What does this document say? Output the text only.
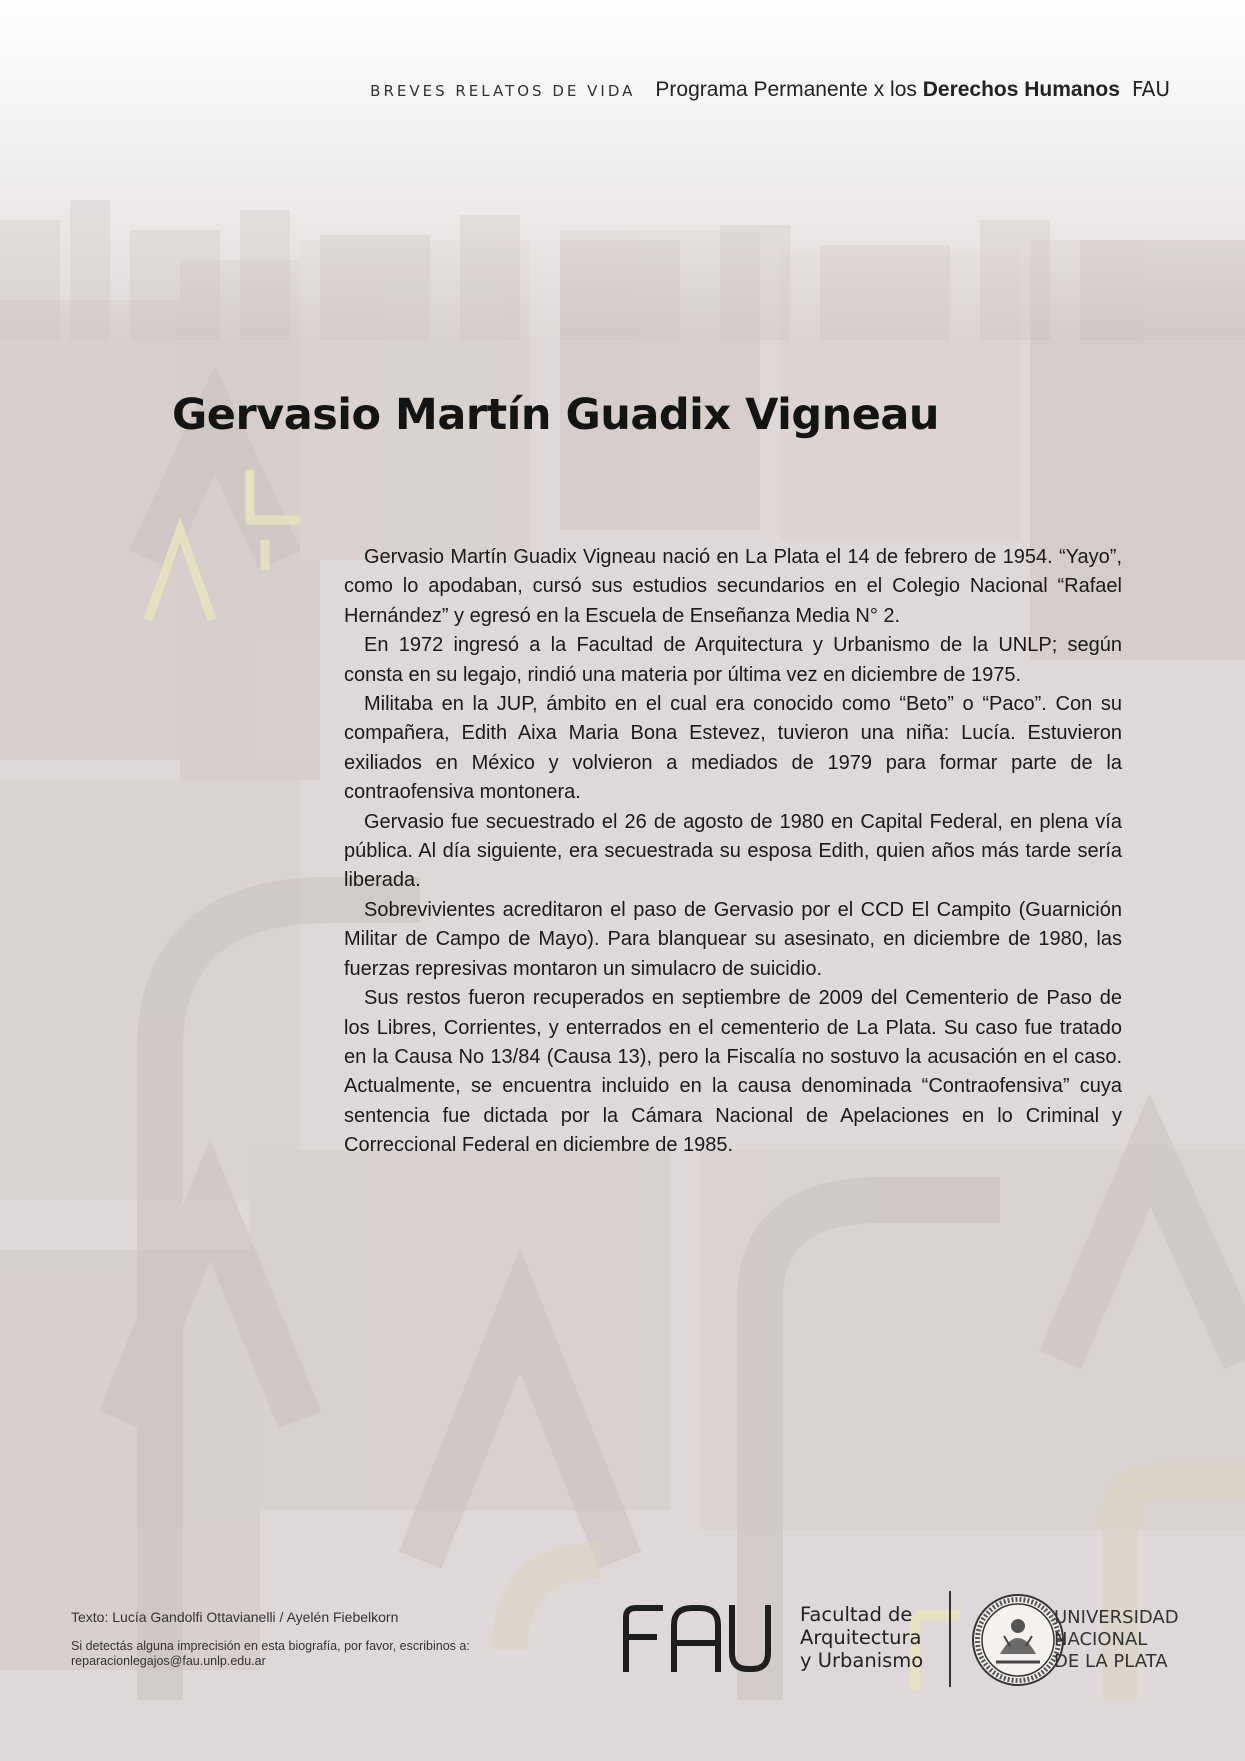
BREVES RELATOS DE VIDA Programa Permanente x los Derechos Humanos FAU
Gervasio Martín Guadix Vigneau

Gervasio Martín Guadix Vigneau nació en La Plata el 14 de febrero de 1954. “Yayo”, como lo apodaban, cursó sus estudios secundarios en el Colegio Nacional “Rafael Hernández” y egresó en la Escuela de Enseñanza Media N° 2.

En 1972 ingresó a la Facultad de Arquitectura y Urbanismo de la UNLP; según consta en su legajo, rindió una materia por última vez en diciembre de 1975.

Militaba en la JUP, ámbito en el cual era conocido como “Beto” o “Paco”. Con su compañera, Edith Aixa Maria Bona Estevez, tuvieron una niña: Lucía. Estuvieron exiliados en México y volvieron a mediados de 1979 para formar parte de la contraofensiva montonera.

Gervasio fue secuestrado el 26 de agosto de 1980 en Capital Federal, en plena vía pública. Al día siguiente, era secuestrada su esposa Edith, quien años más tarde sería liberada.

Sobrevivientes acreditaron el paso de Gervasio por el CCD El Campito (Guarnición Militar de Campo de Mayo). Para blanquear su asesinato, en diciembre de 1980, las fuerzas represivas montaron un simulacro de suicidio.

Sus restos fueron recuperados en septiembre de 2009 del Cementerio de Paso de los Libres, Corrientes, y enterrados en el cementerio de La Plata. Su caso fue tratado en la Causa No 13/84 (Causa 13), pero la Fiscalía no sostuvo la acusación en el caso. Actualmente, se encuentra incluido en la causa denominada “Contraofensiva” cuya sentencia fue dictada por la Cámara Nacional de Apelaciones en lo Criminal y Correccional Federal en diciembre de 1985.

Texto: Lucía Gandolfi Ottavianelli / Ayelén Fiebelkorn
Si detectás alguna imprecisión en esta biografía, por favor, escribinos a: reparacionlegajos@fau.unlp.edu.ar
Facultad de
Arquitectura
y Urbanismo
UNIVERSIDAD
NACIONAL
DE LA PLATA
